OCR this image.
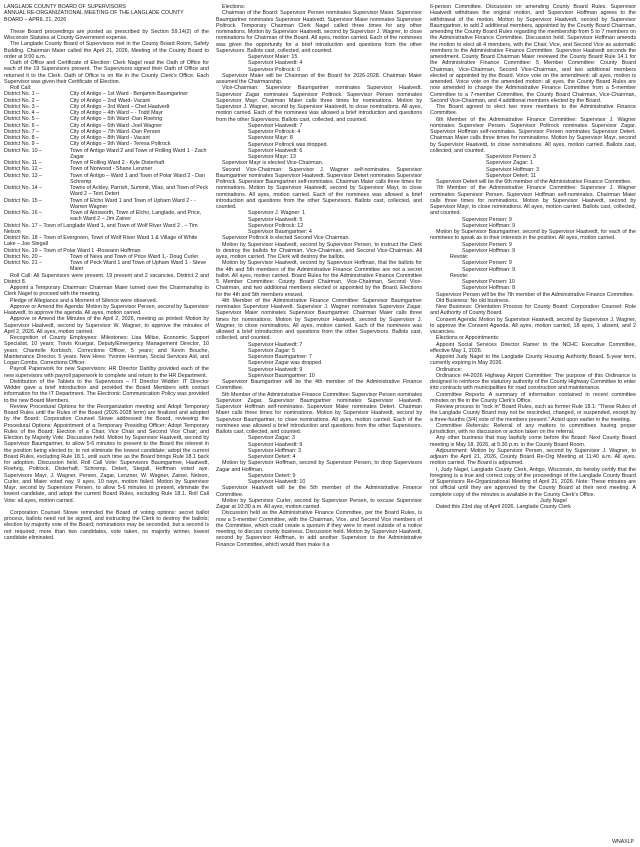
LANGLADE COUNTY BOARD OF SUPERVISORS
ANNUAL RE-ORGANIZATIONAL MEETING OF THE LANGLADE COUNTY
BOARD – APRIL 21, 2026

These Board proceedings are posted as prescribed by Section 59.14(2) of the Wisconsin Statutes at County Government expense.

The Langlade County Board of Supervisors met in the County Board Room, Safety Building. Chairman Maier called the April 21, 2026, Meeting of the County Board to order at 9:00 a.m.

Oath of Office and Certificate of Election: Clerk Nagel read the Oath of Office for each of the 19 Supervisors present. The Supervisors signed their Oath of Office and returned it to the Clerk. Oath of Office is on file in the County Clerk’s Office. Each Supervisor was given their Certificate of Election.

Roll Call:

District No. 1 –	City of Antigo – 1st Ward - Benjamin Baumgartner
District No. 2 –	City of Antigo – 2nd Ward- Vacant
District No. 3 –	City of Antigo – 3rd Ward – Chet Haatvedt
District No. 4 –	City of Antigo – 4th Ward – - Todd Mayr
District No. 5 –	City of Antigo – 5th Ward -Dan Roehrig
District No. 6 –	City of Antigo – 6th Ward -Joel Wagner
District No. 7 –	City of Antigo – 7th Ward -Dan Persen
District No. 8 –	City of Antigo – 8th Ward - Vacant
District No. 9 –	City of Antigo – 9th Ward - Teresa Poltrock
District No. 10 –	Town of Antigo Ward 2 and Town of Rolling Ward 1 - Zach Zagar
District No. 11 –	Town of Rolling Ward 2 - Kyle Disterhaft
District No. 12 –	Town of Norwood - Shane Lenzner
District No. 13 –	Town of Antigo – Ward 1 and Town of Polar Ward 2 - Dan Schremp
District No. 14 –	Towns of Ackley, Parrish, Summit, Vilas, and Town of Peck Ward 2 – Terri Detert
District No. 15 –	Town of Elcho Ward 1 and Town of Upham Ward 2 - - Warren Wagner
District No. 16 –	Town of Ainsworth, Town of Elcho, Langlade, and Price, each Ward 2 – Jim Zainer

District No. 17 – Town of Langlade Ward 1, and Town of Wolf River Ward 2 . – Tim Nelson

District No. 18 – Town of Evergreen, Town of Wolf River Ward 1 & Village of White Lake – Joe Stegall

District No. 19 – Town of Polar Ward 1 -Roseann Hoffman

District No. 20 –	Town of Neva and Town of Price Ward 1,- Doug Curler
District No. 21 –	Town of Peck Ward 1 and Town of Upham Ward 1 - Steve Maier

Roll Call: All Supervisors were present. 19 present and 2 vacancies, District 2 and District 8.

Appoint a Temporary Chairman: Chairman Maier turned over the Chairmanship to Clerk Nagel to proceed with the meeting.

Pledge of Allegiance and a Moment of Silence were observed.

Approve or Amend the Agenda: Motion by Supervisor Persen, second by Supervisor Haatvedt, to approve the agenda. All ayes, motion carried.

Approve or Amend the Minutes of the April 2, 2026, meeting as printed: Motion by Supervisor Haatvedt, second by Supervisor W. Wagner, to approve the minutes of April 2, 2026. All ayes, motion carried.

Recognition of County Employees: Milestones: Lisa Miltse, Economic Support Specialist, 10 years; Travis Kruegar, Deputy/Emergency Management Director, 10 years; Chantelle Korbisch, Corrections Officer, 5 years; and Kevin Bouche, Maintenance Director, 5 years. New Hires: Yvonne Herman, Social Services Aid, and Logan Combs, Corrections Officer.

Payroll Paperwork for new Supervisors: HR Director Dahlby provided each of the new supervisors with payroll paperwork to complete and return to the HR Department.

Distribution of the Tablets to the Supervisors – IT Director Widder: IT Director Widder gave a brief introduction and provided the Board Members with contact information for the IT Department. The Electronic Communication Policy was provided to the new Board Members.

Review Procedural Options for the Reorganization meeting and Adopt Temporary Board Rules until the Rules of the Board (2026-2028 term) are finalized and adopted by the Board: Corporation Counsel Stowe addressed the Board, reviewing the Procedural Options: Appointment of a Temporary Presiding Officer; Adopt Temporary Rules of the Board; Election of a Chair, Vice Chair and Second Vice Chair; and Election by Majority Vote. Discussion held. Motion by Supervisor Haatvedt, second by Supervisor Baumgartner, to allow 5-6 minutes to present to the Board the interest in the position being elected to; to not eliminate the lowest candidate; adopt the current Board Rules, excluding Rule 18.1, until such time as the Board brings Rule 18.1 back for adoption. Discussion held. Roll Call Vote: Supervisors Baumgartner, Haatvedt, Roehrig, Poltrock, Disterhaft, Schremp, Detert, Stegall, Hoffman voted aye. Supervisors Mayr, J. Wagner, Persen, Zagar, Lenzner, W. Wagner, Zainer, Nelson, Curler, and Maier voted nay. 9 ayes, 10 nays, motion failed. Motion by Supervisor Mayr, second by Supervisor Persen, to allow 5-6 minutes to present, eliminate the lowest candidate, and adopt the current Board Rules, excluding Rule 18.1. Roll Call Vote: all ayes, motion carried.

Corporation Counsel Stowe reminded the Board of voting options: secret ballot process, ballots need not be signed, and instructing the Clerk to destroy the ballots; election by majority vote of the Board; nominations may be seconded, but a second is not required; more than two candidates, vote taken, no majority winner, lowest candidate eliminated.

Elections:

Chairman of the Board: Supervisor Persen nominates Supervisor Maier. Supervisor Baumgartner nominates Supervisor Haatvedt. Supervisor Maier nominates Supervisor Poltrock. Temporary Chairman Clerk Nagel called three times for any other nominations. Motion by Supervisor Haatvedt, second by Supervisor J. Wagner, to close nominations for Chairman of the Board. All ayes, motion carried. Each of the nominees was given the opportunity for a brief introduction and questions from the other Supervisors. Ballots cast, collected, and counted.

Supervisor Maier: 15
Supervisor Haatvedt: 4
Supervisor Poltrock: 0

Supervisor Maier will be Chairman of the Board for 2026-2028. Chairman Maier assumed the Chairmanship.

Vice-Chairman: Supervisor Baumgartner nominates Supervisor Haatvedt. Supervisor Zagar nominates Supervisor Poltrock. Supervisor Persen nominates Supervisor Mayr. Chairman Maier calls three times for nominations. Motion by Supervisor J. Wagner, second by Supervisor Haatvedt, to close nominations. All ayes, motion carried. Each of the nominees was allowed a brief introduction and questions from the other Supervisors. Ballots cast, collected, and counted.

Supervisor Haatvedt: 7
Supervisor Poltrock: 4
Supervisor Mayr: 8
Supervisor Poltrock was dropped.
Supervisor Haatvedt: 6
Supervisor Mayr: 13

Supervisor Mayr is elected Vice-Chairman.

Second Vice-Chairman: Supervisor J. Wagner self-nominates. Supervisor Baumgartner nominates Supervisor Haatvedt. Supervisor Detert nominates Supervisor Poltrock. Supervisor Baumgartner self-nominates. Chairman Maier calls three times for nominations. Motion by Supervisor Haatvedt, second by Supervisor Mayr, to close nominations. All ayes, motion carried. Each of the nominees was allowed a brief introduction and questions from the other Supervisors. Ballots cast, collected, and counted.

Supervisor J. Wagner: 1
Supervisor Haatvedt: 5
Supervisor Poltrock: 12
Supervisor Baumgartner: 4

Supervisor Poltrock is elected Second Vice Chairman.

Motion by Supervisor Haatvedt, second by Supervisor Persen, to instruct the Clerk to destroy the ballots for Chairman, Vice-Chairman, and Second Vice-Chairman. All ayes, motion carried. The Clerk will destroy the ballots.

Motion by Supervisor Haatvedt, second by Supervisor Hoffman, that the ballots for the 4th and 5th members of the Administrative Finance Committee are not a secret ballot. All ayes, motion carried. Board Rules for the Administrative Finance Committee 5 Member Committee: County Board Chairman, Vice-Chairman, Second Vice-Chairman, and two additional members elected or appointed by the Board. Elections for the 4th and 5th members ensued.

4th Member of the Administrative Finance Committee: Supervisor Baumgartner nominates Supervisor Haatvedt. Supervisor J. Wagner nominates Supervisor Zagar. Supervisor Maier nominates Supervisor Baumgartner. Chairman Maier calls three times for nominations. Motion by Supervisor Haatvedt, second by Supervisor J. Wagner, to close nominations. All ayes, motion carried. Each of the nominees was allowed a brief introduction and questions from the other Supervisors. Ballots cast, collected, and counted.

Supervisor Haatvedt: 7
Supervisor Zagar: 5
Supervisor Baumgartner: 7
Supervisor Zagar was dropped.
Supervisor Haatvedt: 9
Supervisor Baumgartner: 10

Supervisor Baumgartner will be the 4th member of the Administrative Finance Committee.

5th Member of the Administrative Finance Committee: Supervisor Persen nominates Supervisor Zagar. Supervisor Baumgartner nominates Supervisor Haatvedt. Supervisor Hoffman self-nominates. Supervisor Maier nominates Detert. Chairman Maier calls three times for nominations. Motion by Supervisor Haatvedt, second by Supervisor Baumgartner, to close nominations. All ayes, motion carried. Each of the nominees was allowed a brief introduction and questions from the other Supervisors. Ballots cast, collected, and counted.

Supervisor Zagar: 3
Supervisor Haatvedt: 9
Supervisor Hoffman: 3
Supervisor Detert: 4

Motion by Supervisor Hoffman, second by Supervisor Persen, to drop Supervisors Zagar and Hoffman.

Supervisor Detert: 9
Supervisor Haatvedt: 10

Supervisor Haatvedt will be the 5th member of the Administrative Finance Committee.

Motion by Supervisor Curler, second by Supervisor Persen, to excuse Supervisor Zagar at 10:30 a.m. All ayes, motion carried.

Discussion held as the Administrative Finance Committee, per the Board Rules, is now a 5-member Committee, with the Chairman, Vice, and Second Vice members of the Committee, which could create a quorum if they were to meet outside of a notice meeting, to discuss county business. Discussion held. Motion by Supervisor Haatvedt, second by Supervisor Hoffman, to add another Supervisor to the Administrative Finance Committee, which would then make it a

6-person Committee. Discussion on amending County Board Rules. Supervisor Haatvedt withdraws the original motion, and Supervisor Hoffman agrees to the withdrawal of the motion. Motion by Supervisor Haatvedt, second by Supervisor Baumgartner, to add 2 additional members, appointed by the County Board Chairman, amending the County Board Rules regarding the membership from 5 to 7 members on the Administrative Finance Committee. Discussion held. Supervisor Hoffman amends the motion to elect all 4 members, with the Chair, Vice, and Second Vice as automatic members to the Administrative Finance Committee. Supervisor Haatvedt seconds the amendment. County Board Chairman Maier reviewed the County Board Rule 14.1 for the Administrative Finance Committee: 5 Member Committee: County Board Chairman, Vice-Chairman, Second Vice-Chairman, and two additional members elected or appointed by the Board. Voice vote on the amendment: all ayes, motion is amended. Voice vote on the amended motion: all ayes, the County Board Rules are now amended to change the Administrative Finance Committee from a 5-member Committee to a 7-member Committee, the County Board Chairman, Vice-Chairman, Second Vice-Chairman, and 4 additional members elected by the Board.

The Board agreed to elect two more members to the Administrative Finance Committee.

6th Member of the Administrative Finance Committee: Supervisor J. Wagner nominates Supervisor Persen. Supervisor Poltrock nominates Supervisor Zagar. Supervisor Hoffman self-nominates. Supervisor Persen nominates Supervisor Detert. Chairman Maier calls three times for nominations. Motion by Supervisor Mayr, second by Supervisor Haatvedt, to close nominations. All ayes, motion carried. Ballots cast, collected, and counted.

Supervisor Persen: 3
Supervisor Zagar: 1
Supervisor Hoffman: 3
Supervisor Detert: 11

Supervisor Detert will be the 6th member of the Administrative Finance Committee.

7th Member of the Administrative Finance Committee: Supervisor J. Wagner nominates Supervisor Persen. Supervisor Hoffman self-nominates. Chairman Maier calls three times for nominations. Motion by Supervisor Haatvedt, second by Supervisor Mayr, to close nominations. All ayes, motion carried. Ballots cast, collected, and counted.

Supervisor Persen: 9
Supervisor Hoffman: 9

Motion by Supervisor Baumgartner, second by Supervisor Haatvedt, for each of the nominees to speak as to their interests in the position. All ayes, motion carried.

Supervisor Persen: 9
Supervisor Hoffman: 9
Revote:
Supervisor Persen: 9
Supervisor Hoffman: 9
Revote:
Supervisor Persen: 10
Supervisor Hoffman: 8

Supervisor Persen will be the 7th member of the Administrative Finance Committee.

Old Business: No old business.

New Business: Orientation Process for County Board: Corporation Counsel: Role and Authority of County Board.

Consent Agenda: Motion by Supervisor Haatvedt, second by Supervisor J. Wagner, to approve the Consent Agenda. All ayes, motion carried, 18 ayes, 1 absent, and 2 vacancies.

Elections or Appointments:

Appoint Social Services Director Ramer to the NCHC Executive Committee, effective May 1, 2026.

Appoint Judy Nagel to the Langlade County Housing Authority Board, 5-year term, currently expiring in May 2026.

Ordinance:

Ordinance #4-2026 Highway Airport Committee: The purpose of this Ordinance is designed to reinforce the statutory authority of the County Highway Committee to enter into contracts with municipalities for road construction and maintenance.

Committee Reports: A summary of information contained in recent committee minutes on file in the County Clerk’s Office.

Review process to “lock in” Board Rules, such as former Rule 18.1: “These Rules of the Langlade County Board may not be rescinded, changed, or suspended, except by a three-fourths (3/4) vote of the members present.” Acted upon earlier in the meeting.

Committee Referrals: Referral of any matters to committees having proper jurisdiction, with no discussion or action taken on the referral.

Any other business that may lawfully come before the Board: Next County Board meeting is May 18, 2026, at 5:30 p.m. in the County Board Room.

Adjournment: Motion by Supervisor Persen, second by Supervisor J. Wagner, to adjourn the April 21, 2026, County Board Re-Org Meeting at 11:40 a.m. All ayes, motion carried. The Board is adjourned.

I, Judy Nagel, Langlade County Clerk, Antigo, Wisconsin, do hereby certify that the foregoing is a true and correct copy of the proceedings of the Langlade County Board of Supervisors Re-Organizational Meeting of April 21, 2026. Note: These minutes are not official until they are approved by the County Board at their next meeting. A complete copy of the minutes is available in the County Clerk’s Office.

Judy Nagel
Dated this 23rd day of April 2026. Langlade County Clerk
WNAXLP
